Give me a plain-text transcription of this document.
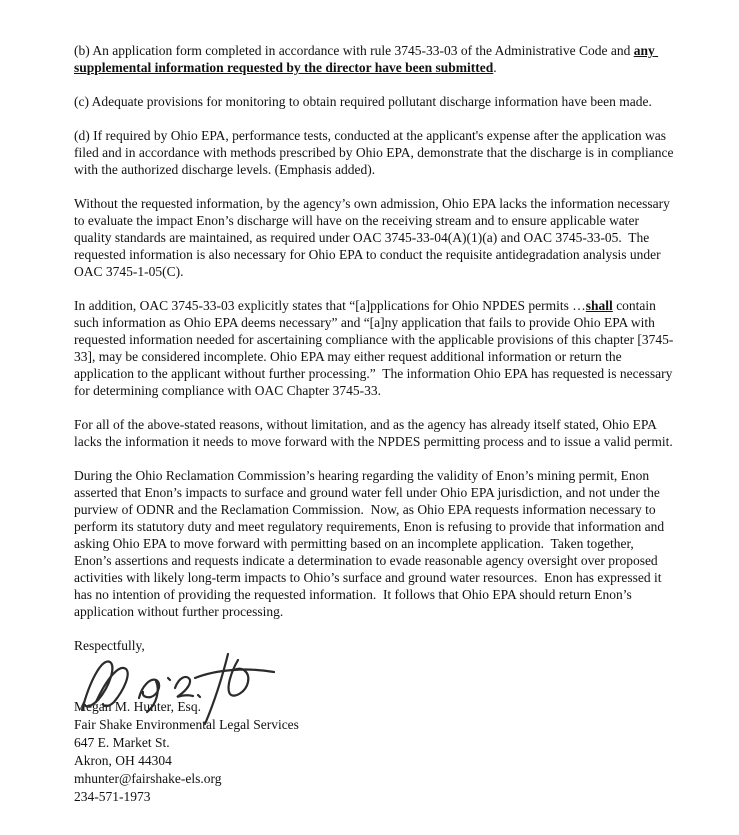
(b) An application form completed in accordance with rule 3745-33-03 of the Administrative Code and any supplemental information requested by the director have been submitted.

(c) Adequate provisions for monitoring to obtain required pollutant discharge information have been made.

(d) If required by Ohio EPA, performance tests, conducted at the applicant's expense after the application was filed and in accordance with methods prescribed by Ohio EPA, demonstrate that the discharge is in compliance with the authorized discharge levels. (Emphasis added).

Without the requested information, by the agency’s own admission, Ohio EPA lacks the information necessary to evaluate the impact Enon’s discharge will have on the receiving stream and to ensure applicable water quality standards are maintained, as required under OAC 3745-33-04(A)(1)(a) and OAC 3745-33-05.  The requested information is also necessary for Ohio EPA to conduct the requisite antidegradation analysis under OAC 3745-1-05(C).

In addition, OAC 3745-33-03 explicitly states that “[a]pplications for Ohio NPDES permits …shall contain such information as Ohio EPA deems necessary” and “[a]ny application that fails to provide Ohio EPA with requested information needed for ascertaining compliance with the applicable provisions of this chapter [3745-33], may be considered incomplete. Ohio EPA may either request additional information or return the application to the applicant without further processing.”  The information Ohio EPA has requested is necessary for determining compliance with OAC Chapter 3745-33.

For all of the above-stated reasons, without limitation, and as the agency has already itself stated, Ohio EPA lacks the information it needs to move forward with the NPDES permitting process and to issue a valid permit.

During the Ohio Reclamation Commission’s hearing regarding the validity of Enon’s mining permit, Enon asserted that Enon’s impacts to surface and ground water fell under Ohio EPA jurisdiction, and not under the purview of ODNR and the Reclamation Commission.  Now, as Ohio EPA requests information necessary to perform its statutory duty and meet regulatory requirements, Enon is refusing to provide that information and asking Ohio EPA to move forward with permitting based on an incomplete application.  Taken together, Enon’s assertions and requests indicate a determination to evade reasonable agency oversight over proposed activities with likely long-term impacts to Ohio’s surface and ground water resources.  Enon has expressed it has no intention of providing the requested information.  It follows that Ohio EPA should return Enon’s application without further processing.

Respectfully,
Megan M. Hunter, Esq.
Fair Shake Environmental Legal Services
647 E. Market St.
Akron, OH 44304
mhunter@fairshake-els.org
234-571-1973
